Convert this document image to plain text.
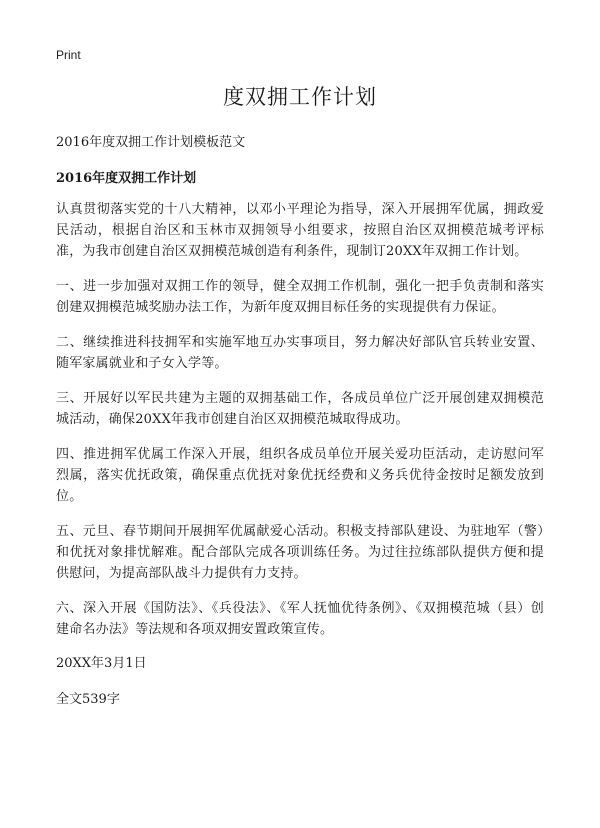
Print
度双拥工作计划

2016年度双拥工作计划模板范文

2016年度双拥工作计划

认真贯彻落实党的十八大精神，以邓小平理论为指导，深入开展拥军优属，拥政爱民活动，根据自治区和玉林市双拥领导小组要求，按照自治区双拥模范城考评标准，为我市创建自治区双拥模范城创造有利条件，现制订20XX年双拥工作计划。

一、进一步加强对双拥工作的领导，健全双拥工作机制，强化一把手负责制和落实创建双拥模范城奖励办法工作，为新年度双拥目标任务的实现提供有力保证。

二、继续推进科技拥军和实施军地互办实事项目，努力解决好部队官兵转业安置、随军家属就业和子女入学等。

三、开展好以军民共建为主题的双拥基础工作，各成员单位广泛开展创建双拥模范城活动，确保20XX年我市创建自治区双拥模范城取得成功。

四、推进拥军优属工作深入开展，组织各成员单位开展关爱功臣活动，走访慰问军烈属，落实优抚政策，确保重点优抚对象优抚经费和义务兵优待金按时足额发放到位。

五、元旦、春节期间开展拥军优属献爱心活动。积极支持部队建设、为驻地军（警）和优抚对象排忧解难。配合部队完成各项训练任务。为过往拉练部队提供方便和提供慰问，为提高部队战斗力提供有力支持。

六、深入开展《国防法》、《兵役法》、《军人抚恤优待条例》、《双拥模范城（县）创建命名办法》等法规和各项双拥安置政策宣传。

20XX年3月1日

全文539字
